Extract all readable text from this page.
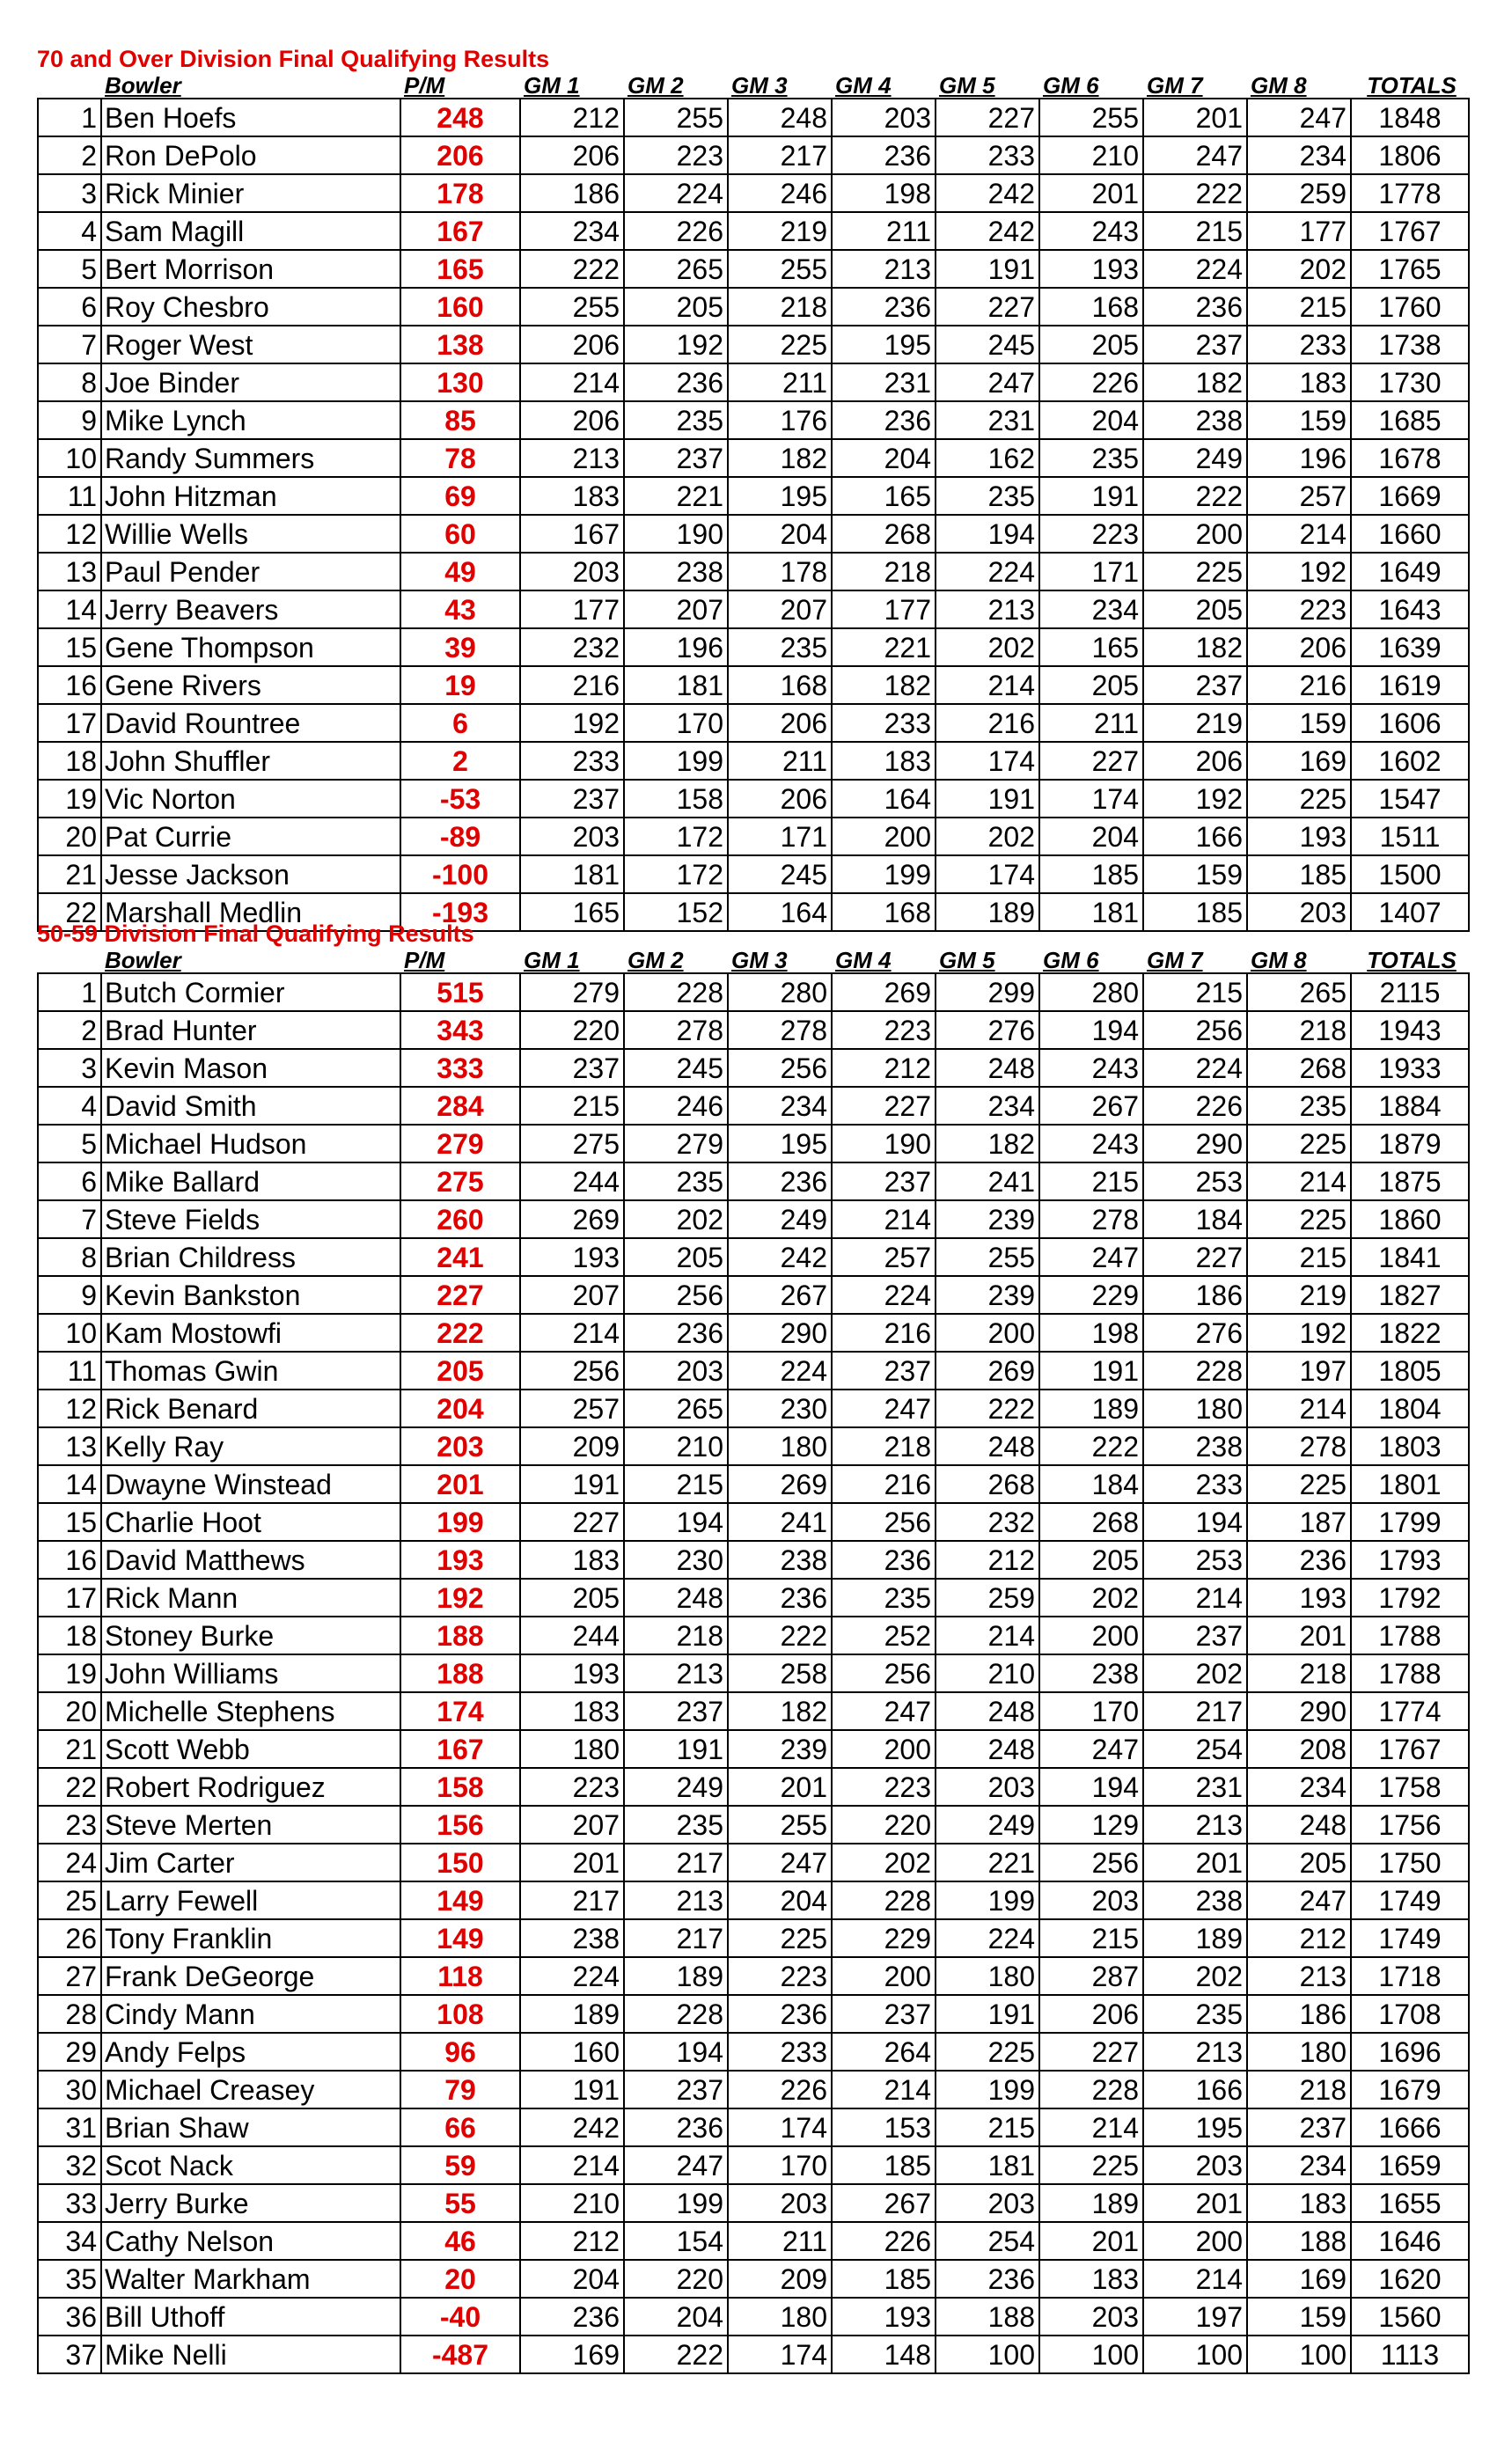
70 and Over Division Final Qualifying Results
	Bowler	P/M	GM 1	GM 2	GM 3	GM 4	GM 5	GM 6	GM 7	GM 8	TOTALS
1	Ben Hoefs	248	212	255	248	203	227	255	201	247	1848
2	Ron DePolo	206	206	223	217	236	233	210	247	234	1806
3	Rick Minier	178	186	224	246	198	242	201	222	259	1778
4	Sam Magill	167	234	226	219	211	242	243	215	177	1767
5	Bert Morrison	165	222	265	255	213	191	193	224	202	1765
6	Roy Chesbro	160	255	205	218	236	227	168	236	215	1760
7	Roger West	138	206	192	225	195	245	205	237	233	1738
8	Joe Binder	130	214	236	211	231	247	226	182	183	1730
9	Mike Lynch	85	206	235	176	236	231	204	238	159	1685
10	Randy Summers	78	213	237	182	204	162	235	249	196	1678
11	John Hitzman	69	183	221	195	165	235	191	222	257	1669
12	Willie Wells	60	167	190	204	268	194	223	200	214	1660
13	Paul Pender	49	203	238	178	218	224	171	225	192	1649
14	Jerry Beavers	43	177	207	207	177	213	234	205	223	1643
15	Gene Thompson	39	232	196	235	221	202	165	182	206	1639
16	Gene Rivers	19	216	181	168	182	214	205	237	216	1619
17	David Rountree	6	192	170	206	233	216	211	219	159	1606
18	John Shuffler	2	233	199	211	183	174	227	206	169	1602
19	Vic Norton	-53	237	158	206	164	191	174	192	225	1547
20	Pat Currie	-89	203	172	171	200	202	204	166	193	1511
21	Jesse Jackson	-100	181	172	245	199	174	185	159	185	1500
22	Marshall Medlin	-193	165	152	164	168	189	181	185	203	1407
50-59 Division Final Qualifying Results
	Bowler	P/M	GM 1	GM 2	GM 3	GM 4	GM 5	GM 6	GM 7	GM 8	TOTALS
1	Butch Cormier	515	279	228	280	269	299	280	215	265	2115
2	Brad Hunter	343	220	278	278	223	276	194	256	218	1943
3	Kevin Mason	333	237	245	256	212	248	243	224	268	1933
4	David Smith	284	215	246	234	227	234	267	226	235	1884
5	Michael Hudson	279	275	279	195	190	182	243	290	225	1879
6	Mike Ballard	275	244	235	236	237	241	215	253	214	1875
7	Steve Fields	260	269	202	249	214	239	278	184	225	1860
8	Brian Childress	241	193	205	242	257	255	247	227	215	1841
9	Kevin Bankston	227	207	256	267	224	239	229	186	219	1827
10	Kam Mostowfi	222	214	236	290	216	200	198	276	192	1822
11	Thomas Gwin	205	256	203	224	237	269	191	228	197	1805
12	Rick Benard	204	257	265	230	247	222	189	180	214	1804
13	Kelly Ray	203	209	210	180	218	248	222	238	278	1803
14	Dwayne Winstead	201	191	215	269	216	268	184	233	225	1801
15	Charlie Hoot	199	227	194	241	256	232	268	194	187	1799
16	David Matthews	193	183	230	238	236	212	205	253	236	1793
17	Rick Mann	192	205	248	236	235	259	202	214	193	1792
18	Stoney Burke	188	244	218	222	252	214	200	237	201	1788
19	John Williams	188	193	213	258	256	210	238	202	218	1788
20	Michelle Stephens	174	183	237	182	247	248	170	217	290	1774
21	Scott Webb	167	180	191	239	200	248	247	254	208	1767
22	Robert Rodriguez	158	223	249	201	223	203	194	231	234	1758
23	Steve Merten	156	207	235	255	220	249	129	213	248	1756
24	Jim Carter	150	201	217	247	202	221	256	201	205	1750
25	Larry Fewell	149	217	213	204	228	199	203	238	247	1749
26	Tony Franklin	149	238	217	225	229	224	215	189	212	1749
27	Frank DeGeorge	118	224	189	223	200	180	287	202	213	1718
28	Cindy Mann	108	189	228	236	237	191	206	235	186	1708
29	Andy Felps	96	160	194	233	264	225	227	213	180	1696
30	Michael Creasey	79	191	237	226	214	199	228	166	218	1679
31	Brian Shaw	66	242	236	174	153	215	214	195	237	1666
32	Scot Nack	59	214	247	170	185	181	225	203	234	1659
33	Jerry Burke	55	210	199	203	267	203	189	201	183	1655
34	Cathy Nelson	46	212	154	211	226	254	201	200	188	1646
35	Walter Markham	20	204	220	209	185	236	183	214	169	1620
36	Bill Uthoff	-40	236	204	180	193	188	203	197	159	1560
37	Mike Nelli	-487	169	222	174	148	100	100	100	100	1113
